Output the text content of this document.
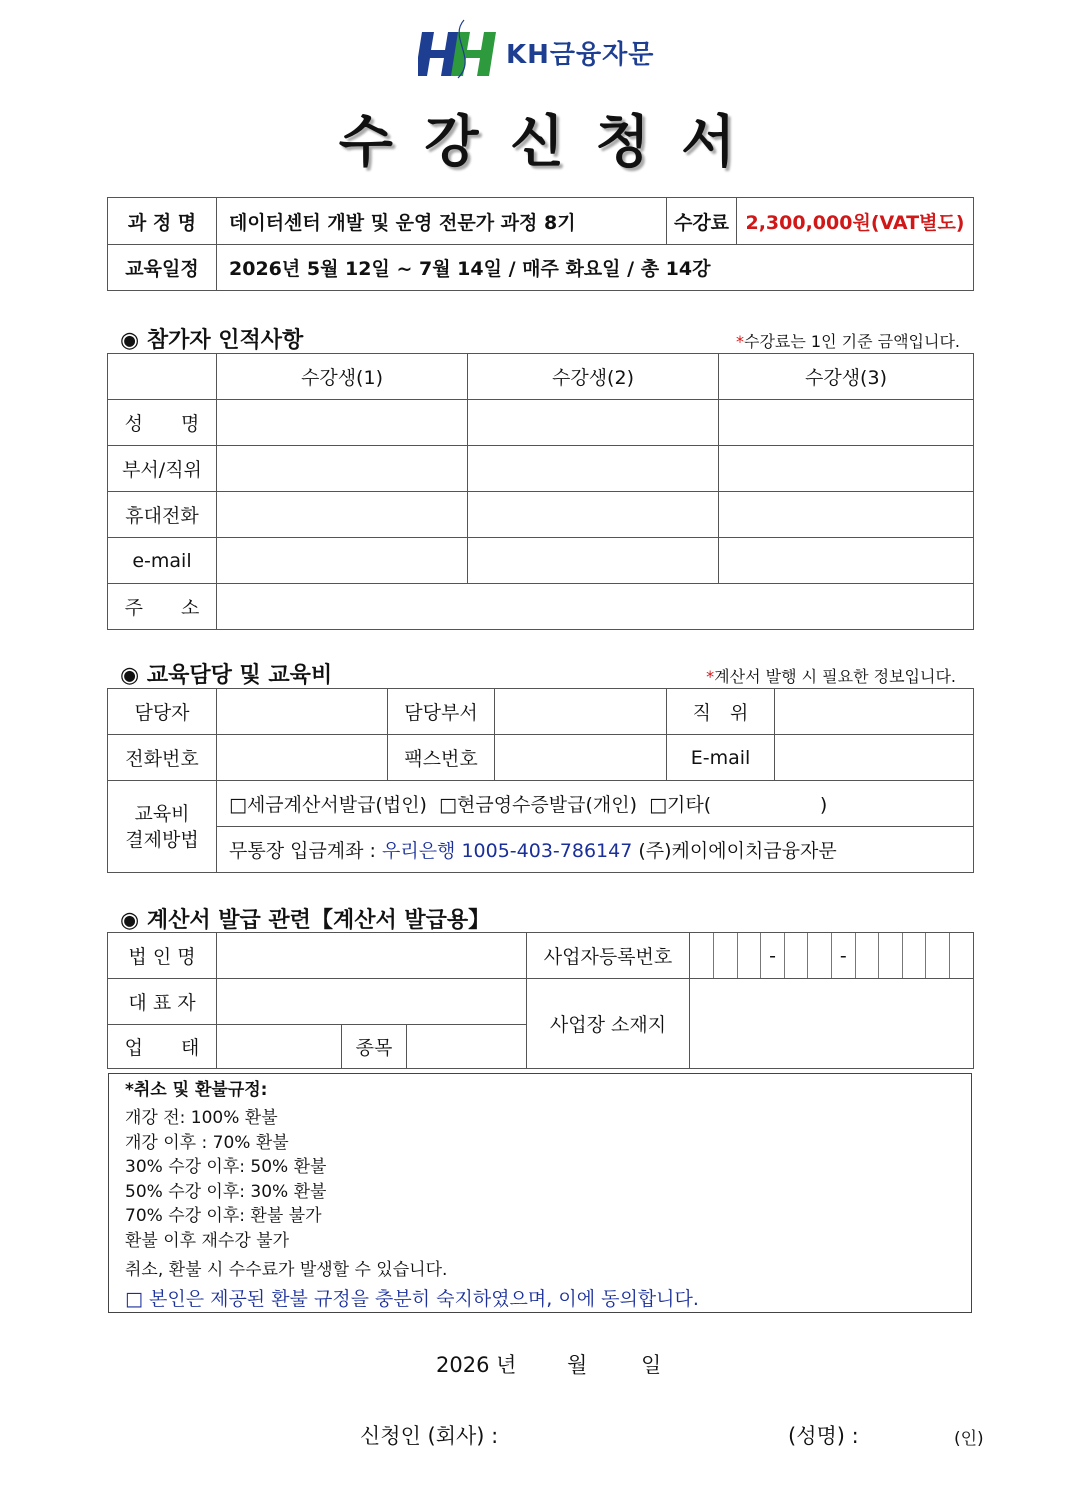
KH금융자문
수 강 신 청 서
과 정 명	데이터센터 개발 및 운영 전문가 과정 8기	수강료	2,300,000원(VAT별도)
교육일정	2026년 5월 12일 ~ 7월 14일 / 매주 화요일 / 총 14강		
◉ 참가자 인적사항	*수강료는 1인 기준 금액입니다.
	수강생(1)	수강생(2)	수강생(3)
성　　명			
부서/직위			
휴대전화			
e-mail			
주　　소			
◉ 교육담당 및 교육비	*계산서 발행 시 필요한 정보입니다.
담당자		담당부서		직　위	
전화번호		팩스번호		E-mail	

교육비
결제방법	□세금계산서발급(법인)  □현금영수증발급(개인)  □기타(                  )				
	무통장 입금계좌 : 우리은행 1005-403-786147 (주)케이에이치금융자문				
◉ 계산서 발급 관련【계산서 발급용】
법 인 명		사업자등록번호	
				-			-					

대 표 자		사업장 소재지	
업　　태		종목	
*취소 및 환불규정:
개강 전: 100% 환불
개강 이후 : 70% 환불
30% 수강 이후: 50% 환불
50% 수강 이후: 30% 환불
70% 수강 이후: 환불 불가
환불 이후 재수강 불가
취소, 환불 시 수수료가 발생할 수 있습니다.
□ 본인은 제공된 환불 규정을 충분히 숙지하였으며, 이에 동의합니다.
2026 년 월	일
신청인 (회사) :	(성명) :	(인)
